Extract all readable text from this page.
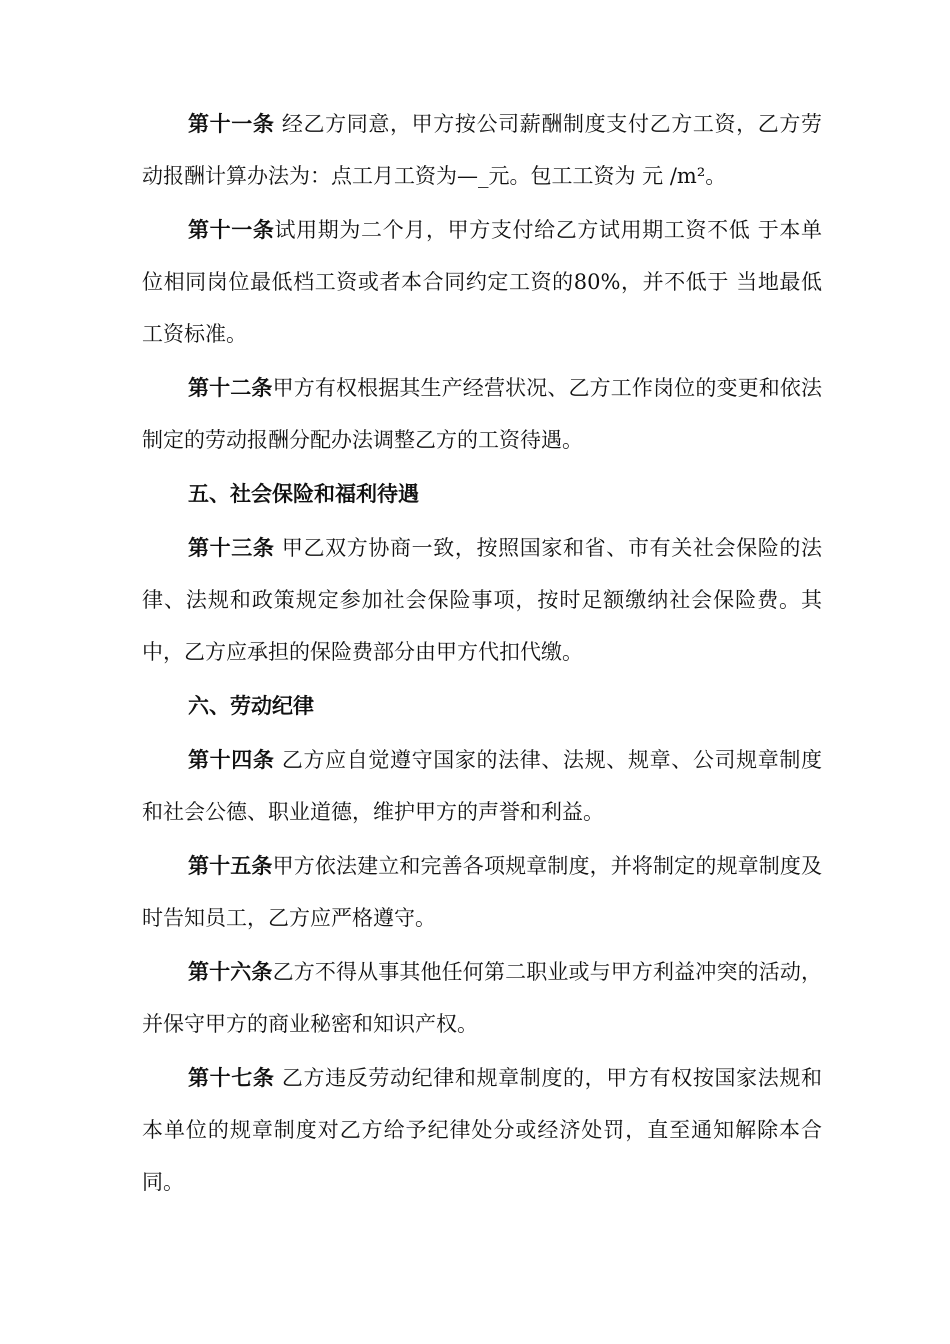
第十一条 经乙方同意，甲方按公司薪酬制度支付乙方工资，乙方劳动报酬计算办法为：点工月工资为—_元。包工工资为 元 /m²。

第十一条试用期为二个月，甲方支付给乙方试用期工资不低 于本单位相同岗位最低档工资或者本合同约定工资的80%，并不低于 当地最低工资标准。

第十二条甲方有权根据其生产经营状况、乙方工作岗位的变更和依法制定的劳动报酬分配办法调整乙方的工资待遇。

五、社会保险和福利待遇

第十三条 甲乙双方协商一致，按照国家和省、市有关社会保险的法律、法规和政策规定参加社会保险事项，按时足额缴纳社会保险费。其中，乙方应承担的保险费部分由甲方代扣代缴。

六、劳动纪律

第十四条 乙方应自觉遵守国家的法律、法规、规章、公司规章制度和社会公德、职业道德，维护甲方的声誉和利益。

第十五条甲方依法建立和完善各项规章制度，并将制定的规章制度及时告知员工，乙方应严格遵守。

第十六条乙方不得从事其他任何第二职业或与甲方利益冲突的活动，并保守甲方的商业秘密和知识产权。

第十七条 乙方违反劳动纪律和规章制度的，甲方有权按国家法规和本单位的规章制度对乙方给予纪律处分或经济处罚，直至通知解除本合同。
